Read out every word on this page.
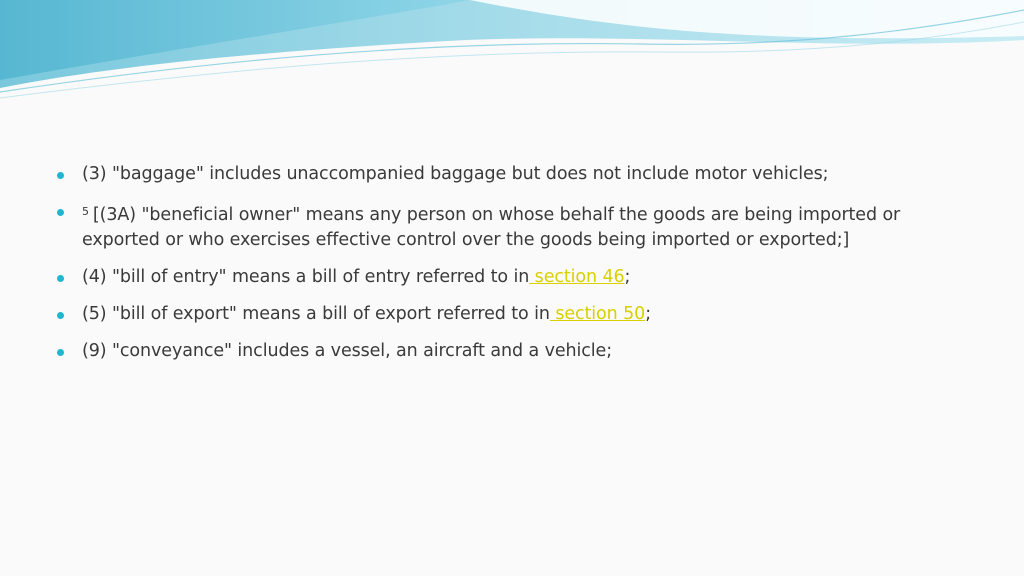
(3) "baggage" includes unaccompanied baggage but does not include motor vehicles;
$^5$ [(3A) "beneficial owner" means any person on whose behalf the goods are being imported or exported or who exercises effective control over the goods being imported or exported;]
(4) "bill of entry" means a bill of entry referred to in section 46;
(5) "bill of export" means a bill of export referred to in section 50;
(9) "conveyance" includes a vessel, an aircraft and a vehicle;
